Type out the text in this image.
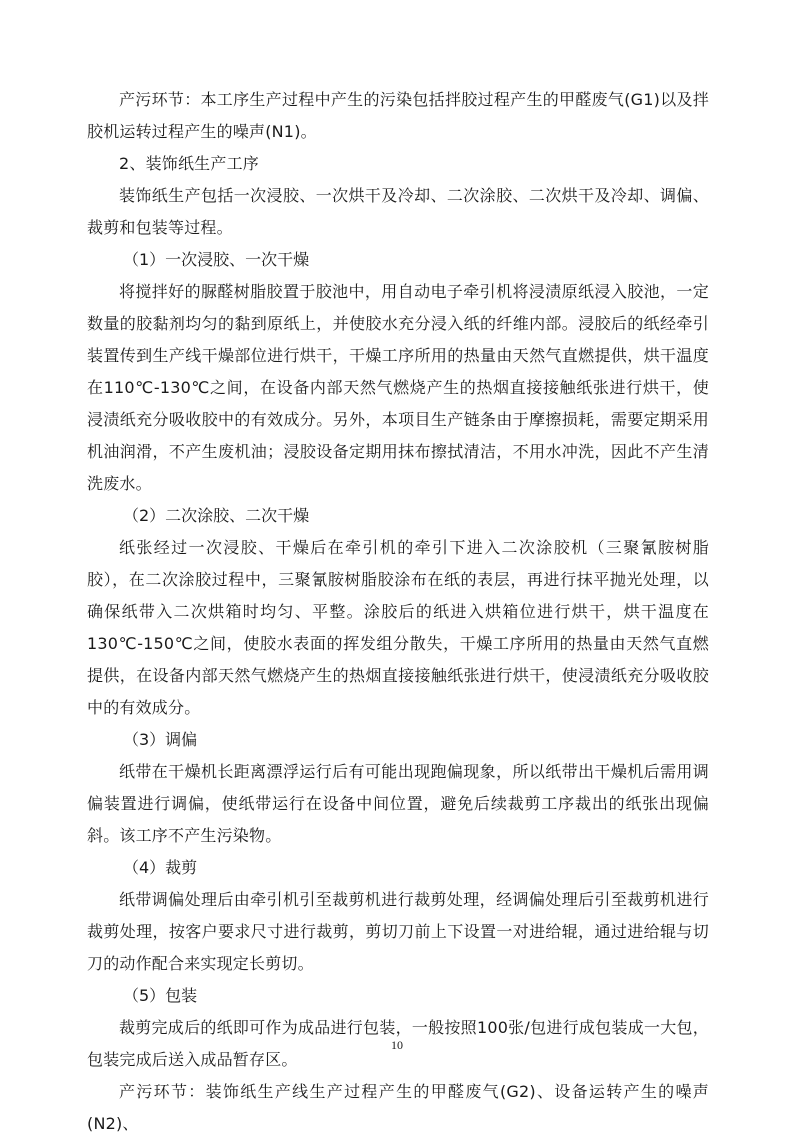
产污环节：本工序生产过程中产生的污染包括拌胶过程产生的甲醛废气(G1)以及拌胶机运转过程产生的噪声(N1)。

2、装饰纸生产工序

装饰纸生产包括一次浸胶、一次烘干及冷却、二次涂胶、二次烘干及冷却、调偏、裁剪和包装等过程。

（1）一次浸胶、一次干燥

将搅拌好的脲醛树脂胶置于胶池中，用自动电子牵引机将浸渍原纸浸入胶池，一定数量的胶黏剂均匀的黏到原纸上，并使胶水充分浸入纸的纤维内部。浸胶后的纸经牵引装置传到生产线干燥部位进行烘干，干燥工序所用的热量由天然气直燃提供，烘干温度在110℃-130℃之间，在设备内部天然气燃烧产生的热烟直接接触纸张进行烘干，使浸渍纸充分吸收胶中的有效成分。另外，本项目生产链条由于摩擦损耗，需要定期采用机油润滑，不产生废机油；浸胶设备定期用抹布擦拭清洁，不用水冲洗，因此不产生清洗废水。

（2）二次涂胶、二次干燥

纸张经过一次浸胶、干燥后在牵引机的牵引下进入二次涂胶机（三聚氰胺树脂胶），在二次涂胶过程中，三聚氰胺树脂胶涂布在纸的表层，再进行抹平抛光处理，以确保纸带入二次烘箱时均匀、平整。涂胶后的纸进入烘箱位进行烘干，烘干温度在130℃-150℃之间，使胶水表面的挥发组分散失，干燥工序所用的热量由天然气直燃提供，在设备内部天然气燃烧产生的热烟直接接触纸张进行烘干，使浸渍纸充分吸收胶中的有效成分。

（3）调偏

纸带在干燥机长距离漂浮运行后有可能出现跑偏现象，所以纸带出干燥机后需用调偏装置进行调偏，使纸带运行在设备中间位置，避免后续裁剪工序裁出的纸张出现偏斜。该工序不产生污染物。

（4）裁剪

纸带调偏处理后由牵引机引至裁剪机进行裁剪处理，经调偏处理后引至裁剪机进行裁剪处理，按客户要求尺寸进行裁剪，剪切刀前上下设置一对进给辊，通过进给辊与切刀的动作配合来实现定长剪切。

（5）包装

裁剪完成后的纸即可作为成品进行包装，一般按照100张/包进行成包装成一大包，包装完成后送入成品暂存区。

产污环节：装饰纸生产线生产过程产生的甲醛废气(G2)、设备运转产生的噪声(N2)、

10
